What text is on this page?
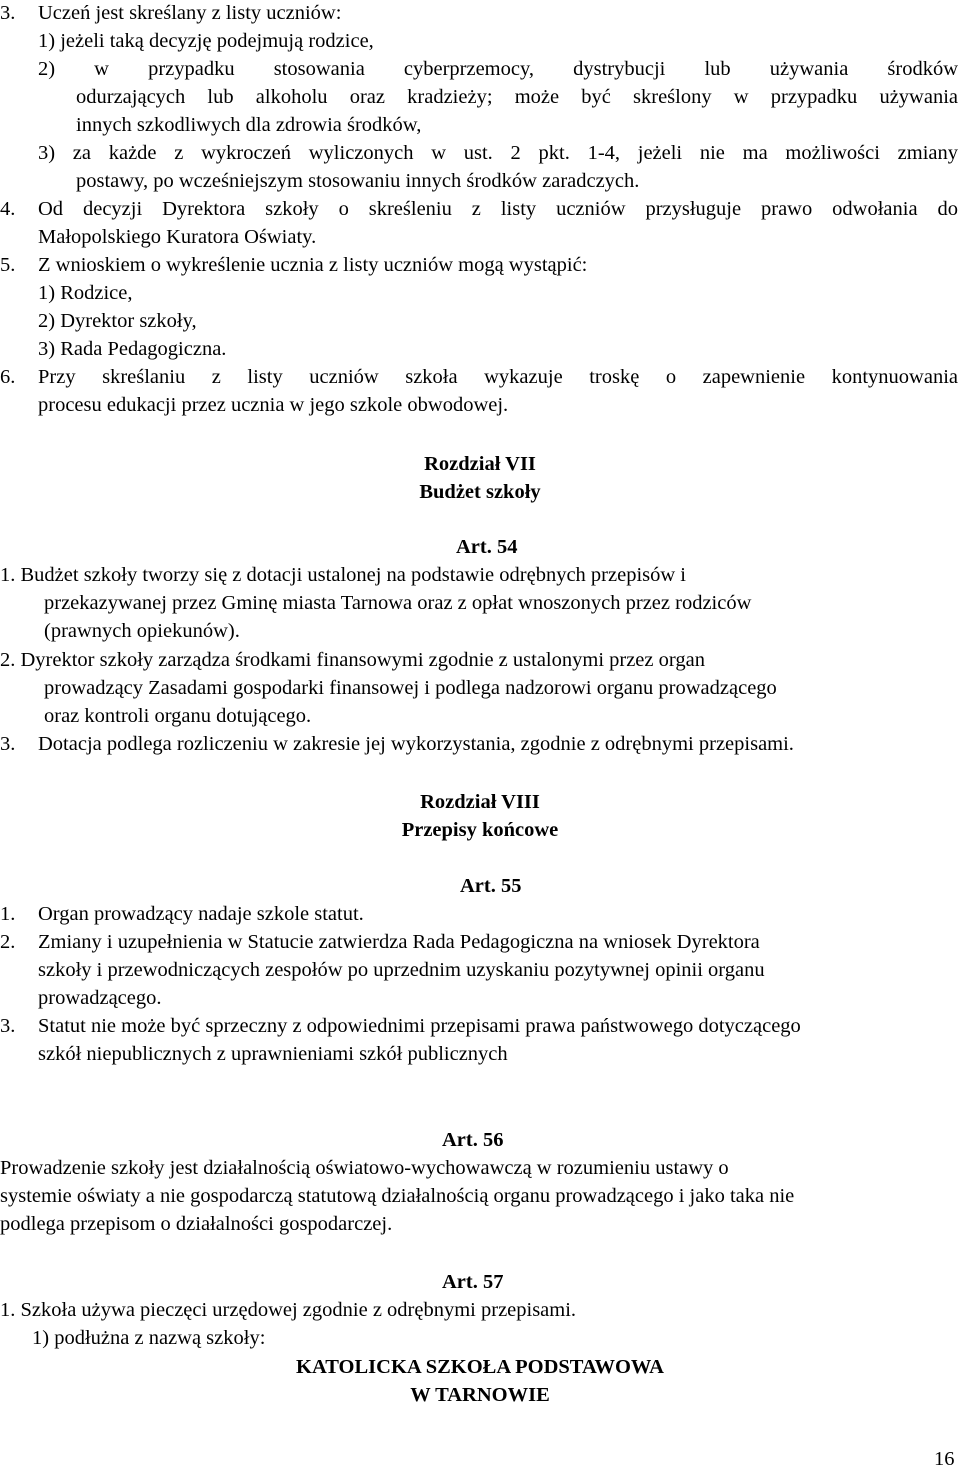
3. Uczeń jest skreślany z listy uczniów:
1) jeżeli taką decyzję podejmują rodzice,
2) w przypadku stosowania cyberprzemocy, dystrybucji lub używania środków
odurzających lub alkoholu oraz kradzieży; może być skreślony w przypadku używania
innych szkodliwych dla zdrowia środków,
3) za każde z wykroczeń wyliczonych w ust. 2 pkt. 1-4, jeżeli nie ma możliwości zmiany
postawy, po wcześniejszym stosowaniu innych środków zaradczych.
4. Od decyzji Dyrektora szkoły o skreśleniu z listy uczniów przysługuje prawo odwołania do
Małopolskiego Kuratora Oświaty.
5. Z wnioskiem o wykreślenie ucznia z listy uczniów mogą wystąpić:
1) Rodzice,
2) Dyrektor szkoły,
3) Rada Pedagogiczna.
6. Przy skreślaniu z listy uczniów szkoła wykazuje troskę o zapewnienie kontynuowania
procesu edukacji przez ucznia w jego szkole obwodowej.
Rozdział VII
Budżet szkoły
Art. 54
1. Budżet szkoły tworzy się z dotacji ustalonej na podstawie odrębnych przepisów i
przekazywanej przez Gminę miasta Tarnowa oraz z opłat wnoszonych przez rodziców
(prawnych opiekunów).
2. Dyrektor szkoły zarządza środkami finansowymi zgodnie z ustalonymi przez organ
prowadzący Zasadami gospodarki finansowej i podlega nadzorowi organu prowadzącego
oraz kontroli organu dotującego.
3. Dotacja podlega rozliczeniu w zakresie jej wykorzystania, zgodnie z odrębnymi przepisami.
Rozdział VIII
Przepisy końcowe
Art. 55
1. Organ prowadzący nadaje szkole statut.
2. Zmiany i uzupełnienia w Statucie zatwierdza Rada Pedagogiczna na wniosek Dyrektora
szkoły i przewodniczących zespołów po uprzednim uzyskaniu pozytywnej opinii organu
prowadzącego.
3. Statut nie może być sprzeczny z odpowiednimi przepisami prawa państwowego dotyczącego
szkół niepublicznych z uprawnieniami szkół publicznych
Art. 56
Prowadzenie szkoły jest działalnością oświatowo-wychowawczą w rozumieniu ustawy o
systemie oświaty a nie gospodarczą statutową działalnością organu prowadzącego i jako taka nie
podlega przepisom o działalności gospodarczej.
Art. 57
1. Szkoła używa pieczęci urzędowej zgodnie z odrębnymi przepisami.
1) podłużna z nazwą szkoły:
KATOLICKA SZKOŁA PODSTAWOWA
W TARNOWIE
16
